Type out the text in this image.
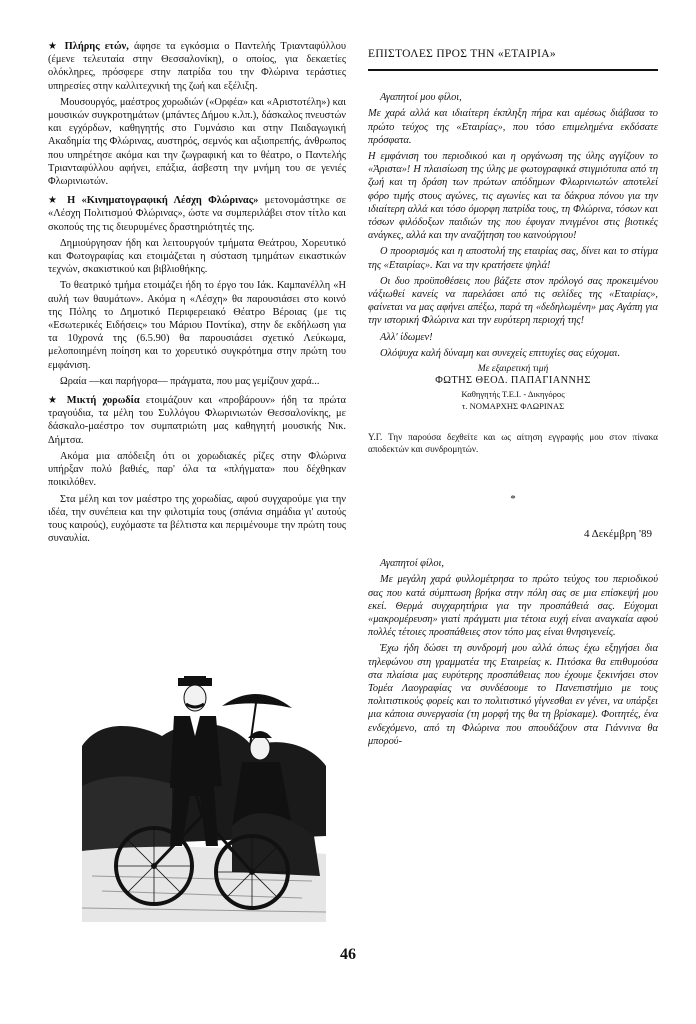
★ Πλήρης ετών, άφησε τα εγκόσμια ο Παντελής Τριανταφύλλου (έμενε τελευταία στην Θεσσαλονίκη), ο οποίος, για δεκαετίες ολόκληρες, πρόσφερε στην πατρίδα του την Φλώρινα τεράστιες υπηρεσίες στην καλλιτεχνική της ζωή και εξέλιξη.

Μουσουργός, μαέστρος χορωδιών («Ορφέα» και «Αριστοτέλη») και μουσικών συγκροτημάτων (μπάντες Δήμου κ.λπ.), δάσκαλος πνευστών και εγχόρδων, καθηγητής στο Γυμνάσιο και στην Παιδαγωγική Ακαδημία της Φλώρινας, αυστηρός, σεμνός και αξιοπρεπής, άνθρωπος που υπηρέτησε ακόμα και την ζωγραφική και το θέατρο, ο Παντελής Τριανταφύλλου αφήνει, επάξια, άσβεστη την μνήμη του σε γενιές Φλωρινιωτών.

★ Η «Κινηματογραφική Λέσχη Φλώρινας» μετονομάστηκε σε «Λέσχη Πολιτισμού Φλώρινας», ώστε να συμπεριλάβει στον τίτλο και σκοπούς της τις διευρυμένες δραστηριότητές της.

Δημιούργησαν ήδη και λειτουργούν τμήματα Θεάτρου, Χορευτικό και Φωτογραφίας και ετοιμάζεται η σύσταση τμημάτων εικαστικών τεχνών, σκακιστικού και βιβλιοθήκης.

Το θεατρικό τμήμα ετοιμάζει ήδη το έργο του Ιάκ. Καμπανέλλη «Η αυλή των θαυμάτων». Ακόμα η «Λέσχη» θα παρουσιάσει στο κοινό της Πόλης το Δημοτικό Περιφερειακό Θέατρο Βέροιας (με τις «Εσωτερικές Ειδήσεις» του Μάριου Ποντίκα), στην δε εκδήλωση για τα 10χρονά της (6.5.90) θα παρουσιάσει σχετικό Λεύκωμα, μελοποιημένη ποίηση και το χορευτικό συγκρότημα στην πρώτη του εμφάνιση.

Ωραία —και παρήγορα— πράγματα, που μας γεμίζουν χαρά...

★ Μικτή χορωδία ετοιμάζουν και «προβάρουν» ήδη τα πρώτα τραγούδια, τα μέλη του Συλλόγου Φλωρινιωτών Θεσσαλονίκης, με δάσκαλο-μαέστρο τον συμπατριώτη μας καθηγητή μουσικής Νικ. Δήμτσα.

Ακόμα μια απόδειξη ότι οι χορωδιακές ρίζες στην Φλώρινα υπήρξαν πολύ βαθιές, παρ' όλα τα «πλήγματα» που δέχθηκαν ποικιλόθεν.

Στα μέλη και τον μαέστρο της χορωδίας, αφού συγχαρούμε για την ιδέα, την συνέπεια και την φιλοτιμία τους (σπάνια σημάδια γι' αυτούς τους καιρούς), ευχόμαστε τα βέλτιστα και περιμένουμε την πρώτη τους συναυλία.

ΕΠΙΣΤΟΛΕΣ ΠΡΟΣ ΤΗΝ «ΕΤΑΙΡΙΑ»

Αγαπητοί μου φίλοι,

Με χαρά αλλά και ιδιαίτερη έκπληξη πήρα και αμέσως διάβασα το πρώτο τεύχος της «Εταιρίας», που τόσο επιμελημένα εκδόσατε πρόσφατα.

Η εμφάνιση του περιοδικού και η οργάνωση της ύλης αγγίζουν το «Άριστα»! Η πλαισίωση της ύλης με φωτογραφικά στιγμιότυπα από τη ζωή και τη δράση των πρώτων απόδημων Φλωρινιωτών αποτελεί φόρο τιμής στους αγώνες, τις αγωνίες και τα δάκρυα πόνου για την ιδιαίτερη αλλά και τόσο όμορφη πατρίδα τους, τη Φλώρινα, τόσων και τόσων φιλόδοξων παιδιών της που έφυγαν πνιγμένοι στις βιοτικές ανάγκες, αλλά και την αναζήτηση του καινούργιου!

Ο προορισμός και η αποστολή της εταιρίας σας, δίνει και το στίγμα της «Εταιρίας». Και να την κρατήσετε ψηλά!

Οι δυο προϋποθέσεις που βάζετε στον πρόλογό σας προκειμένου νάξιωθεί κανείς να παρελάσει από τις σελίδες της «Εταιρίας», φαίνεται να μας αφήνει απέξω, παρά τη «δεδηλωμένη» μας Αγάπη για την ιστορική Φλώρινα και την ευρύτερη περιοχή της!

Αλλ' ίδωμεν!

Ολόψυχα καλή δύναμη και συνεχείς επιτυχίες σας εύχομαι.

Με εξαιρετική τιμή
ΦΩΤΗΣ ΘΕΟΔ. ΠΑΠΑΓΙΑΝΝΗΣ
Καθηγητής Τ.Ε.Ι. - Δικηγόρος
τ. ΝΟΜΑΡΧΗΣ ΦΛΩΡΙΝΑΣ

Υ.Γ. Την παρούσα δεχθείτε και ως αίτηση εγγραφής μου στον πίνακα αποδεκτών και συνδρομητών.

*
4 Δεκέμβρη '89

Αγαπητοί φίλοι,

Με μεγάλη χαρά φυλλομέτρησα το πρώτο τεύχος του περιοδικού σας που κατά σύμπτωση βρήκα στην πόλη σας σε μια επίσκεψή μου εκεί. Θερμά συγχαρητήρια για την προσπάθειά σας. Εύχομαι «μακρομέρευση» γιατί πράγματι μια τέτοια ευχή είναι αναγκαία αφού πολλές τέτοιες προσπάθειες στον τόπο μας είναι θνησιγενείς.

Έχω ήδη δώσει τη συνδρομή μου αλλά όπως έχω εξηγήσει δια τηλεφώνου στη γραμματέα της Εταιρείας κ. Πιτόσκα θα επιθυμούσα στα πλαίσια μας ευρύτερης προσπάθειας που έχουμε ξεκινήσει στον Τομέα Λαογραφίας να συνδέσουμε το Πανεπιστήμιο με τους πολιτιστικούς φορείς και το πολιτιστικό γίγνεσθαι εν γένει, να υπάρξει μια κάποια συνεργασία (τη μορφή της θα τη βρίσκαμε). Φοιτητές, ένα ενδεχόμενο, από τη Φλώρινα που σπουδάζουν στα Γιάννινα θα μπορού-

46
